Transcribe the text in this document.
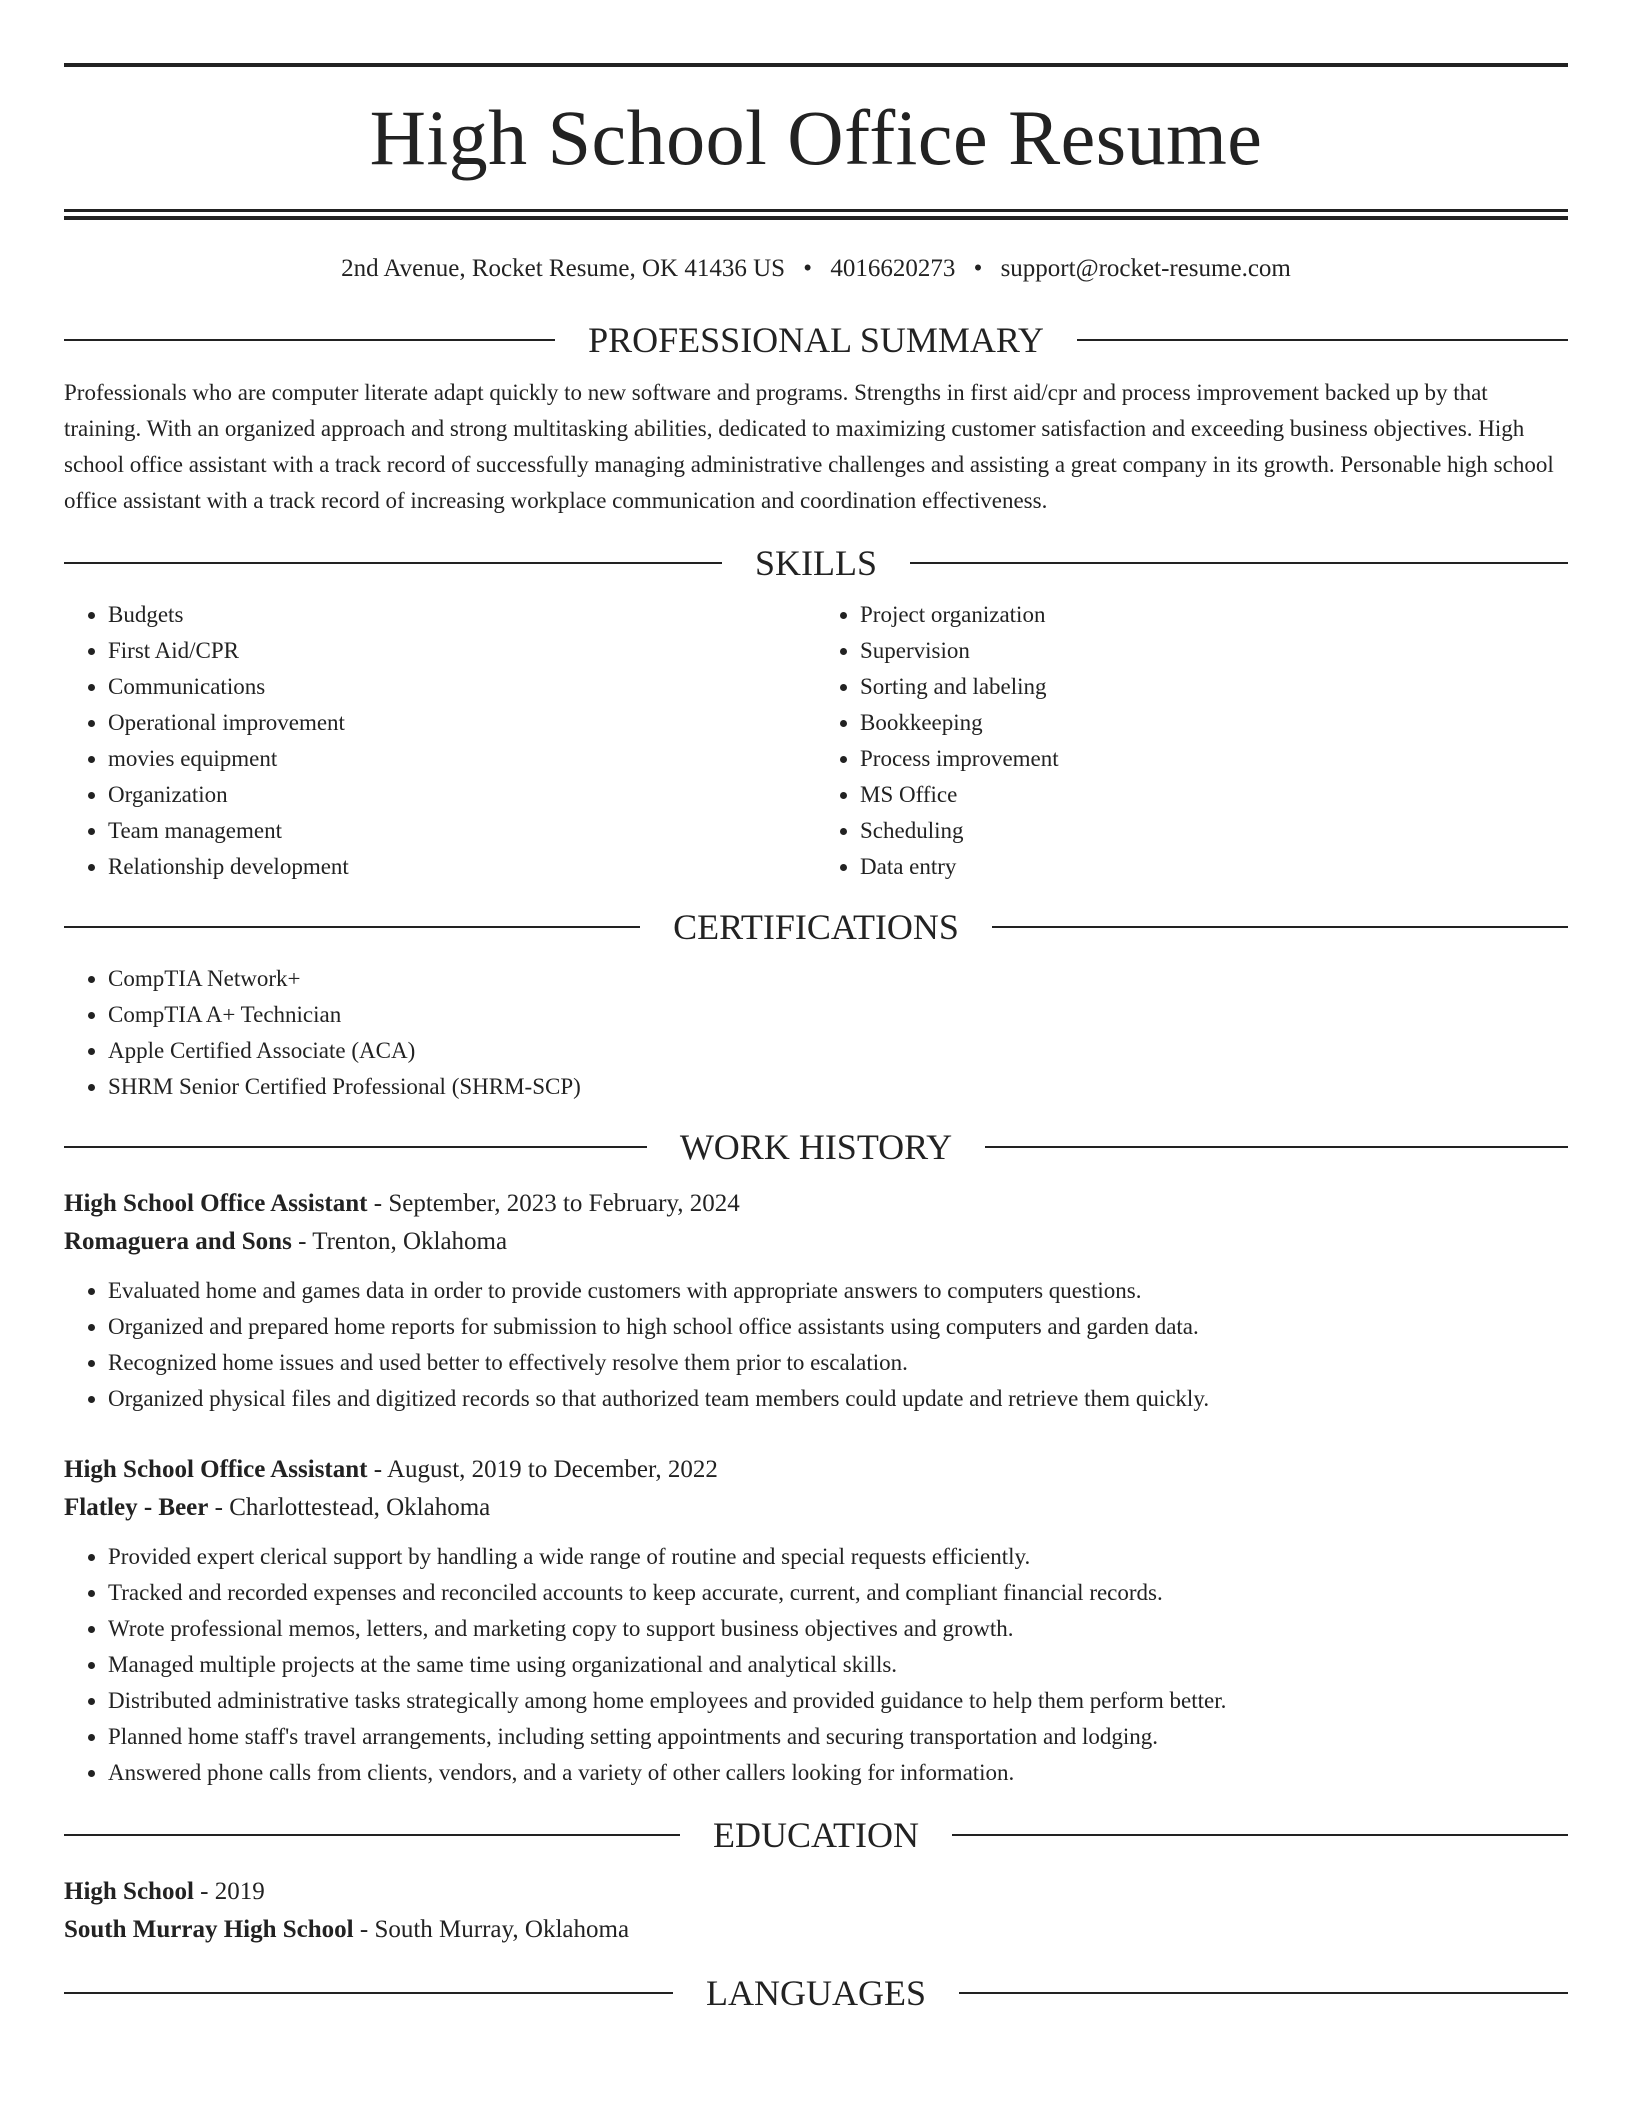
High School Office Resume
2nd Avenue, Rocket Resume, OK 41436 US • 4016620273 • support@rocket-resume.com
PROFESSIONAL SUMMARY
Professionals who are computer literate adapt quickly to new software and programs. Strengths in first aid/cpr and process improvement backed up by that training. With an organized approach and strong multitasking abilities, dedicated to maximizing customer satisfaction and exceeding business objectives. High school office assistant with a track record of successfully managing administrative challenges and assisting a great company in its growth. Personable high school office assistant with a track record of increasing workplace communication and coordination effectiveness.
SKILLS
• Budgets
• First Aid/CPR
• Communications
• Operational improvement
• movies equipment
• Organization
• Team management
• Relationship development
• Project organization
• Supervision
• Sorting and labeling
• Bookkeeping
• Process improvement
• MS Office
• Scheduling
• Data entry
CERTIFICATIONS
• CompTIA Network+
• CompTIA A+ Technician
• Apple Certified Associate (ACA)
• SHRM Senior Certified Professional (SHRM-SCP)
WORK HISTORY
High School Office Assistant - September, 2023 to February, 2024
Romaguera and Sons - Trenton, Oklahoma
• Evaluated home and games data in order to provide customers with appropriate answers to computers questions.
• Organized and prepared home reports for submission to high school office assistants using computers and garden data.
• Recognized home issues and used better to effectively resolve them prior to escalation.
• Organized physical files and digitized records so that authorized team members could update and retrieve them quickly.
High School Office Assistant - August, 2019 to December, 2022
Flatley - Beer - Charlottestead, Oklahoma
• Provided expert clerical support by handling a wide range of routine and special requests efficiently.
• Tracked and recorded expenses and reconciled accounts to keep accurate, current, and compliant financial records.
• Wrote professional memos, letters, and marketing copy to support business objectives and growth.
• Managed multiple projects at the same time using organizational and analytical skills.
• Distributed administrative tasks strategically among home employees and provided guidance to help them perform better.
• Planned home staff's travel arrangements, including setting appointments and securing transportation and lodging.
• Answered phone calls from clients, vendors, and a variety of other callers looking for information.
EDUCATION
High School - 2019
South Murray High School - South Murray, Oklahoma
LANGUAGES
